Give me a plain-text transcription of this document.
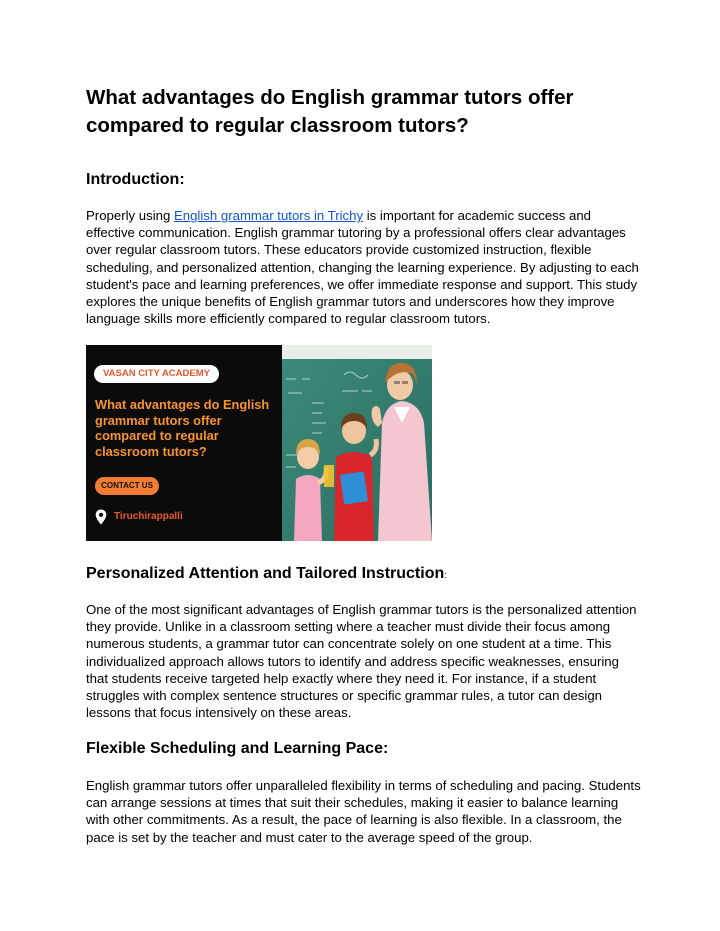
What advantages do English grammar tutors offer compared to regular classroom tutors?
Introduction:

Properly using English grammar tutors in Trichy is important for academic success and effective communication. English grammar tutoring by a professional offers clear advantages over regular classroom tutors. These educators provide customized instruction, flexible scheduling, and personalized attention, changing the learning experience. By adjusting to each student's pace and learning preferences, we offer immediate response and support. This study explores the unique benefits of English grammar tutors and underscores how they improve language skills more efficiently compared to regular classroom tutors.

VASAN CITY ACADEMY
What advantages do English grammar tutors offer compared to regular classroom tutors?
CONTACT US
Tiruchirappalli
Personalized Attention and Tailored Instruction:

One of the most significant advantages of English grammar tutors is the personalized attention they provide. Unlike in a classroom setting where a teacher must divide their focus among numerous students, a grammar tutor can concentrate solely on one student at a time. This individualized approach allows tutors to identify and address specific weaknesses, ensuring that students receive targeted help exactly where they need it. For instance, if a student struggles with complex sentence structures or specific grammar rules, a tutor can design lessons that focus intensively on these areas.

Flexible Scheduling and Learning Pace:

English grammar tutors offer unparalleled flexibility in terms of scheduling and pacing. Students can arrange sessions at times that suit their schedules, making it easier to balance learning with other commitments. As a result, the pace of learning is also flexible. In a classroom, the pace is set by the teacher and must cater to the average speed of the group.
